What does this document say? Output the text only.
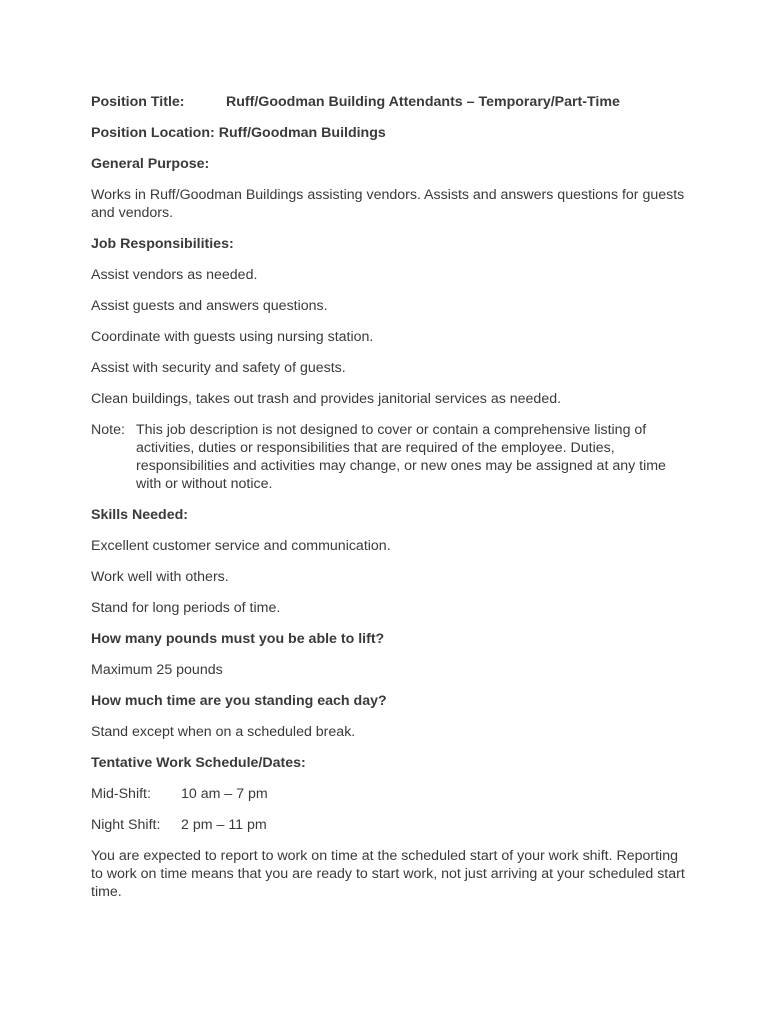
Position Title:	Ruff/Goodman Building Attendants – Temporary/Part-Time

Position Location: Ruff/Goodman Buildings

General Purpose:

Works in Ruff/Goodman Buildings assisting vendors. Assists and answers questions for guests and vendors.

Job Responsibilities:

Assist vendors as needed.

Assist guests and answers questions.

Coordinate with guests using nursing station.

Assist with security and safety of guests.

Clean buildings, takes out trash and provides janitorial services as needed.

Note: This job description is not designed to cover or contain a comprehensive listing of activities, duties or responsibilities that are required of the employee. Duties, responsibilities and activities may change, or new ones may be assigned at any time with or without notice.

Skills Needed:

Excellent customer service and communication.

Work well with others.

Stand for long periods of time.

How many pounds must you be able to lift?

Maximum 25 pounds

How much time are you standing each day?

Stand except when on a scheduled break.

Tentative Work Schedule/Dates:

Mid-Shift: 10 am – 7 pm

Night Shift: 2 pm – 11 pm

You are expected to report to work on time at the scheduled start of your work shift. Reporting to work on time means that you are ready to start work, not just arriving at your scheduled start time.
